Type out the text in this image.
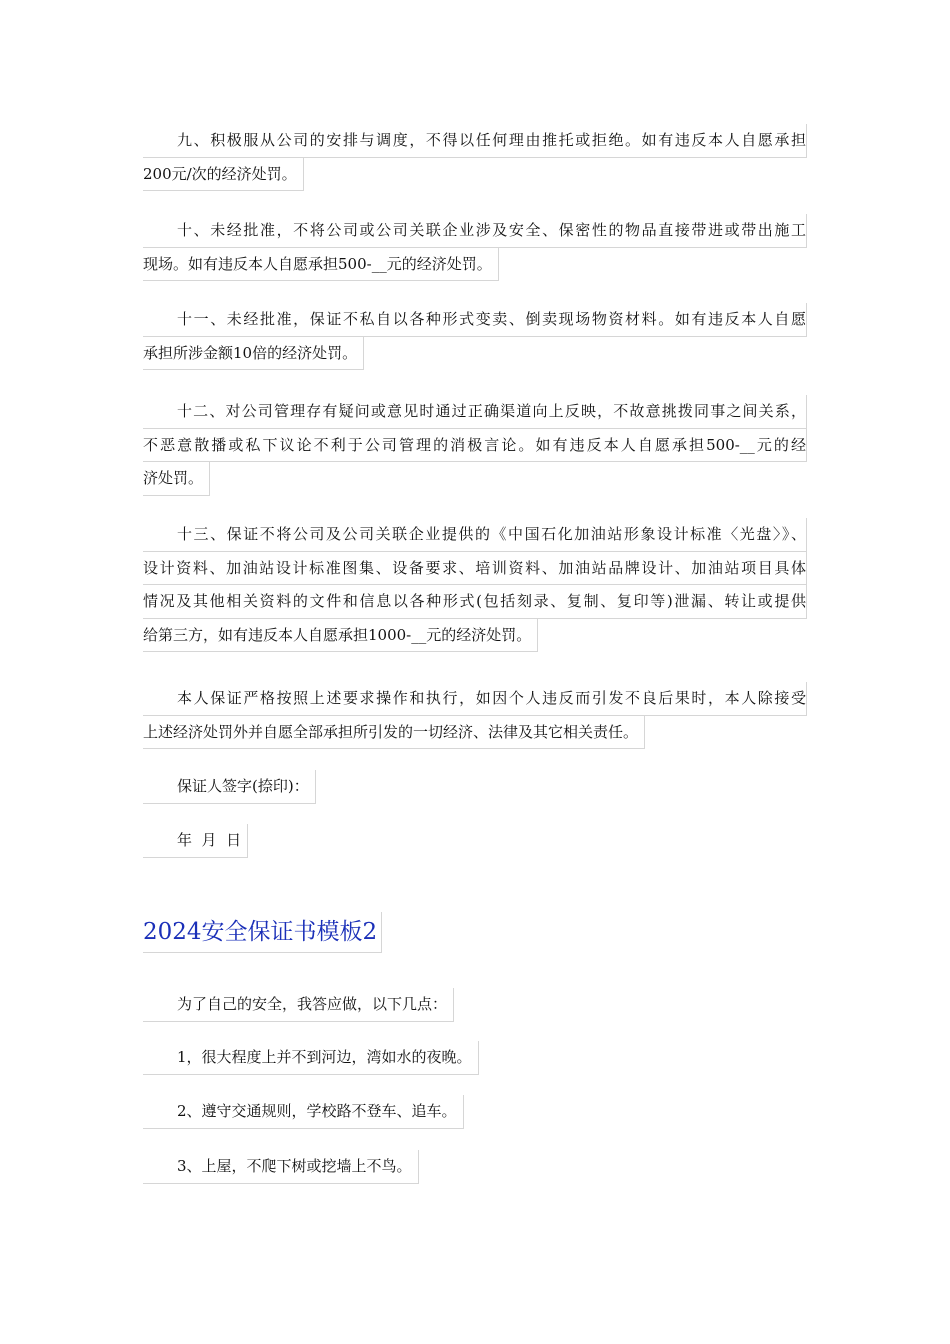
九、积极服从公司的安排与调度，不得以任何理由推托或拒绝。如有违反本人自愿承担
200元/次的经济处罚。
十、未经批准，不将公司或公司关联企业涉及安全、保密性的物品直接带进或带出施工
现场。如有违反本人自愿承担500-__元的经济处罚。
十一、未经批准，保证不私自以各种形式变卖、倒卖现场物资材料。如有违反本人自愿
承担所涉金额10倍的经济处罚。
十二、对公司管理存有疑问或意见时通过正确渠道向上反映，不故意挑拨同事之间关系，
不恶意散播或私下议论不利于公司管理的消极言论。如有违反本人自愿承担500-__元的经
济处罚。
十三、保证不将公司及公司关联企业提供的《中国石化加油站形象设计标准〈光盘〉》、
设计资料、加油站设计标准图集、设备要求、培训资料、加油站品牌设计、加油站项目具体
情况及其他相关资料的文件和信息以各种形式(包括刻录、复制、复印等)泄漏、转让或提供
给第三方，如有违反本人自愿承担1000-__元的经济处罚。
本人保证严格按照上述要求操作和执行，如因个人违反而引发不良后果时，本人除接受
上述经济处罚外并自愿全部承担所引发的一切经济、法律及其它相关责任。
保证人签字(捺印)：
年  月  日
2024安全保证书模板2
为了自己的安全，我答应做，以下几点：
1，很大程度上并不到河边，湾如水的夜晚。
2、遵守交通规则，学校路不登车、追车。
3、上屋，不爬下树或挖墙上不鸟。
